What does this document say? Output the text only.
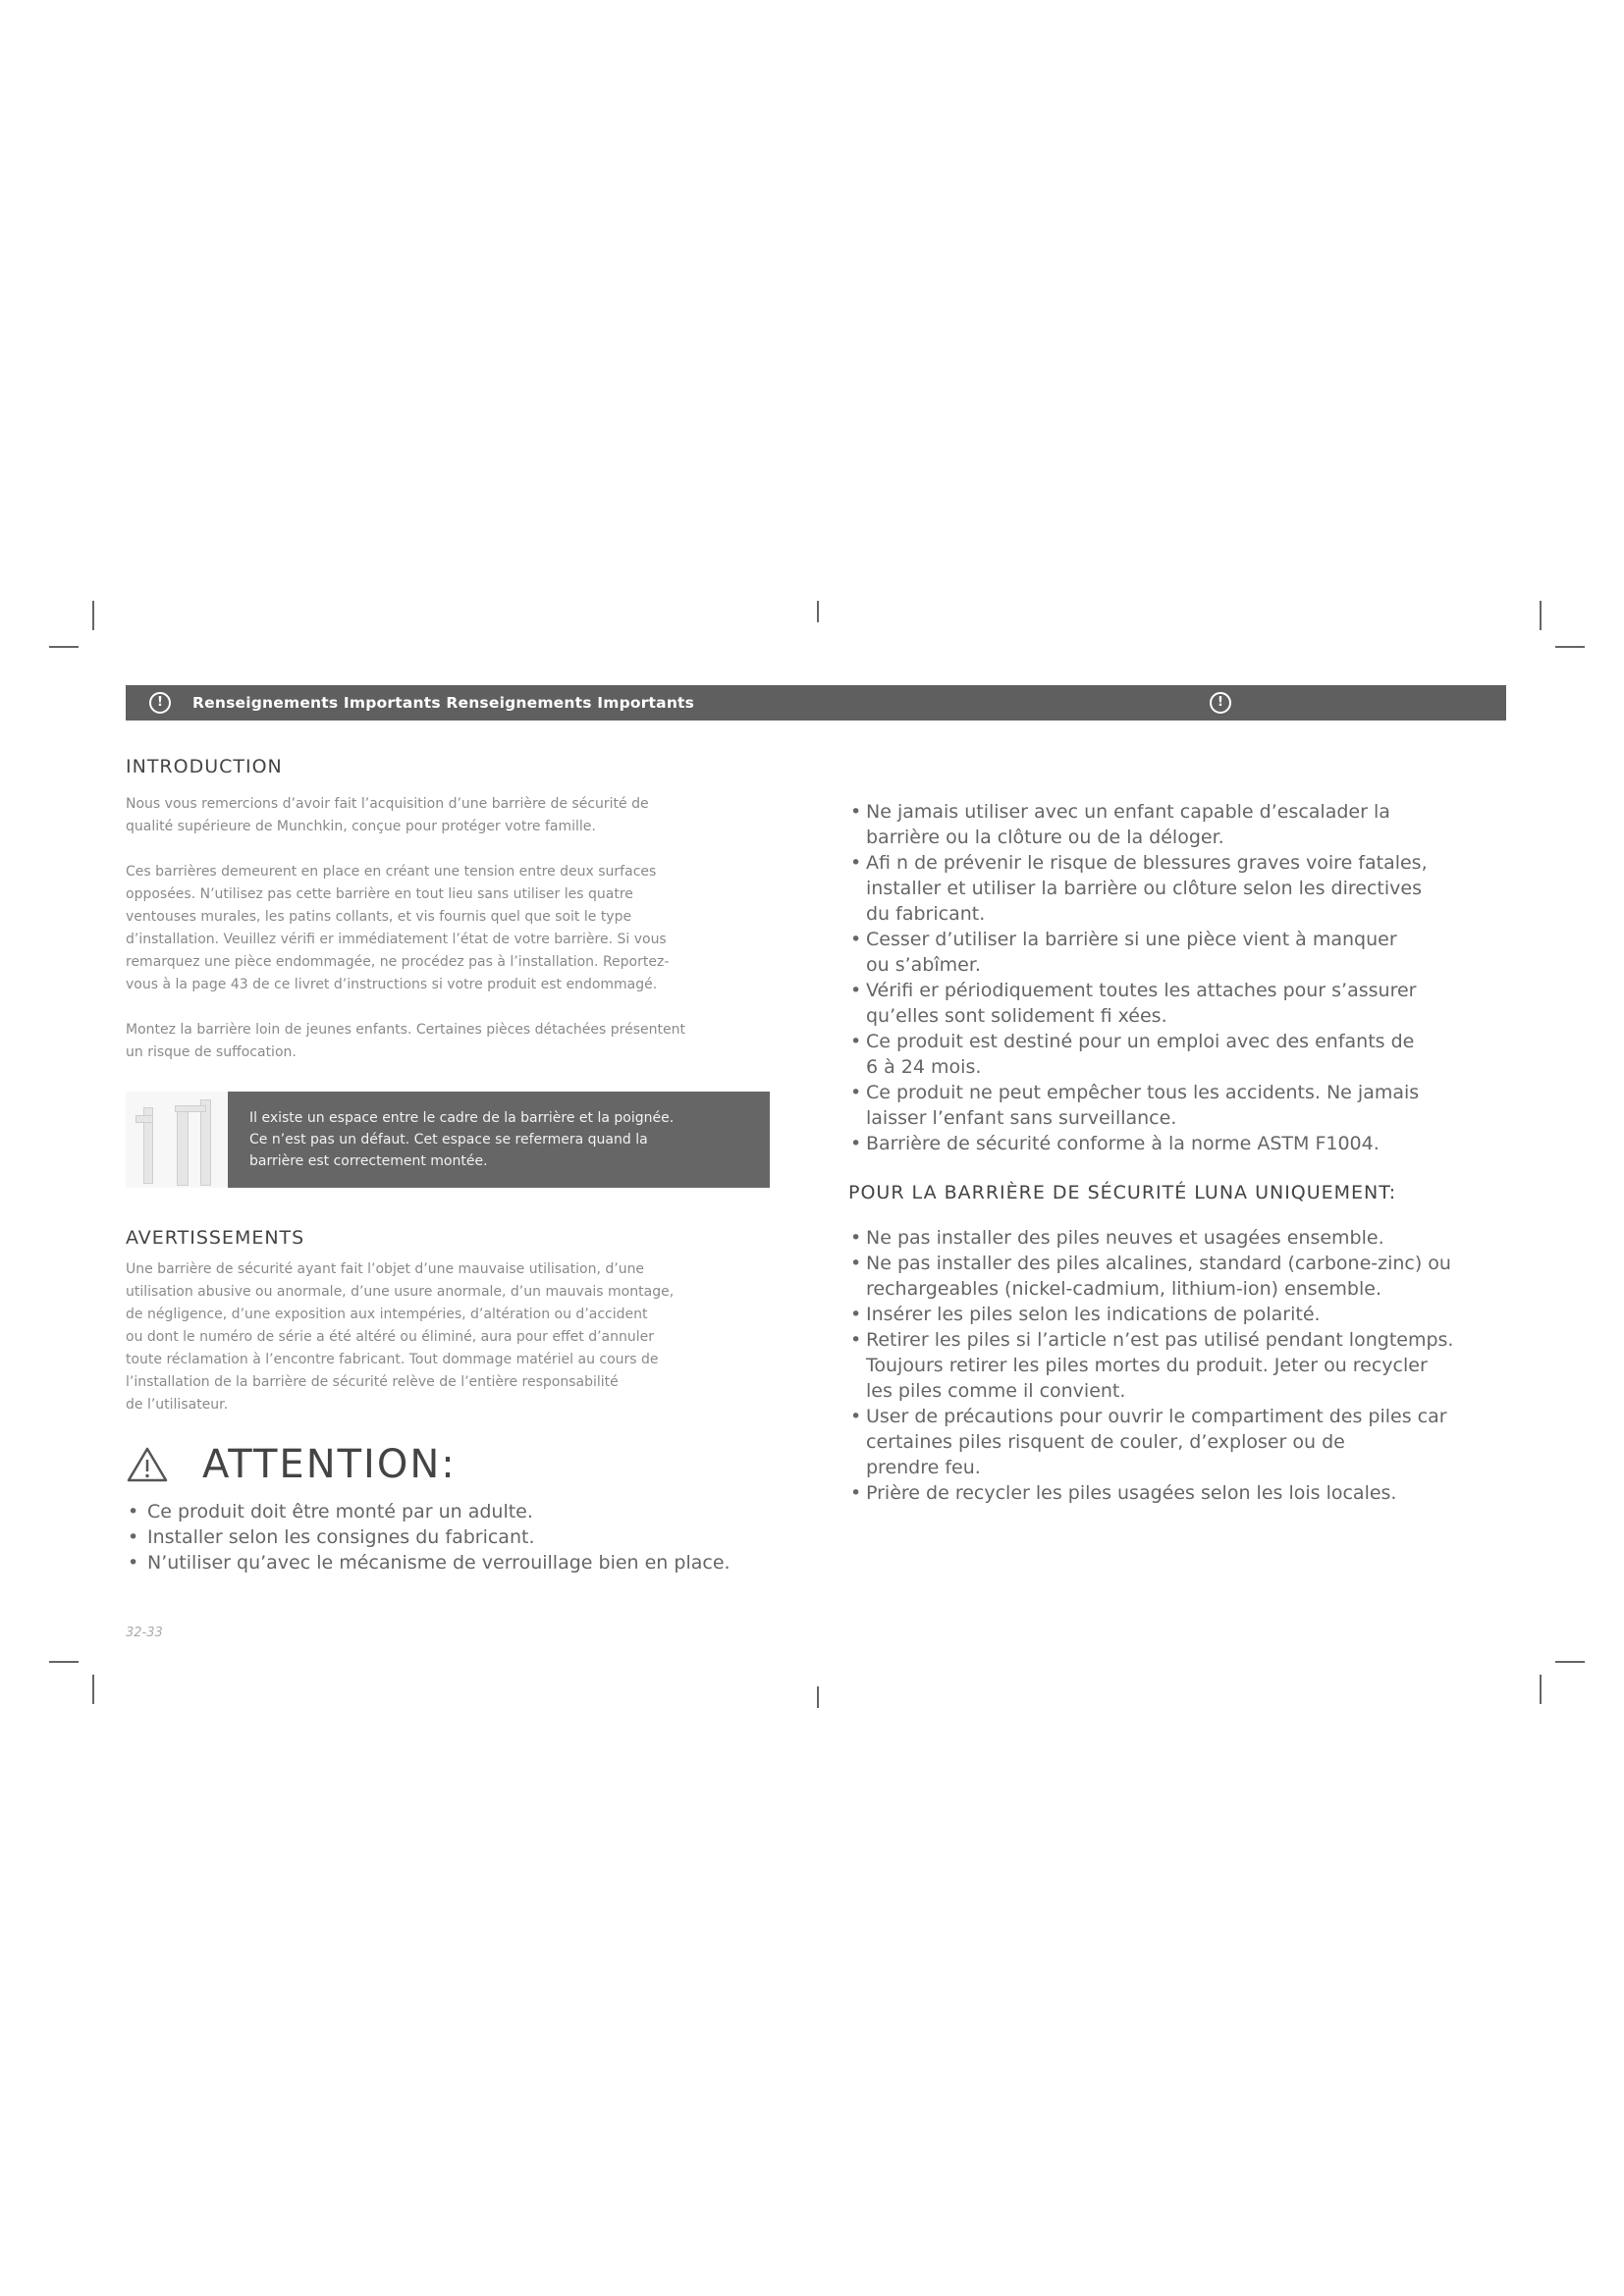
!	Renseignements Importants Renseignements Importants	!
INTRODUCTION

Nous vous remercions d’avoir fait l’acquisition d’une barrière de sécurité de
qualité supérieure de Munchkin, conçue pour protéger votre famille.

Ces barrières demeurent en place en créant une tension entre deux surfaces
opposées. N’utilisez pas cette barrière en tout lieu sans utiliser les quatre
ventouses murales, les patins collants, et vis fournis quel que soit le type
d’installation. Veuillez vérifi er immédiatement l’état de votre barrière. Si vous
remarquez une pièce endommagée, ne procédez pas à l’installation. Reportez-
vous à la page 43 de ce livret d’instructions si votre produit est endommagé.

Montez la barrière loin de jeunes enfants. Certaines pièces détachées présentent
un risque de suffocation.

Il existe un espace entre le cadre de la barrière et la poignée.
Ce n’est pas un défaut. Cet espace se refermera quand la
barrière est correctement montée.
AVERTISSEMENTS

Une barrière de sécurité ayant fait l’objet d’une mauvaise utilisation, d’une
utilisation abusive ou anormale, d’une usure anormale, d’un mauvais montage,
de négligence, d’une exposition aux intempéries, d’altération ou d’accident
ou dont le numéro de série a été altéré ou éliminé, aura pour effet d’annuler
toute réclamation à l’encontre fabricant. Tout dommage matériel au cours de
l’installation de la barrière de sécurité relève de l’entière responsabilité
de l’utilisateur.

ATTENTION:
• Ce produit doit être monté par un adulte.
• Installer selon les consignes du fabricant.
• N’utiliser qu’avec le mécanisme de verrouillage bien en place.
32-33
• Ne jamais utiliser avec un enfant capable d’escalader la
barrière ou la clôture ou de la déloger.
• Afi n de prévenir le risque de blessures graves voire fatales,
installer et utiliser la barrière ou clôture selon les directives
du fabricant.
• Cesser d’utiliser la barrière si une pièce vient à manquer
ou s’abîmer.
• Vérifi er périodiquement toutes les attaches pour s’assurer
qu’elles sont solidement fi xées.
• Ce produit est destiné pour un emploi avec des enfants de
6 à 24 mois.
• Ce produit ne peut empêcher tous les accidents. Ne jamais
laisser l’enfant sans surveillance.
• Barrière de sécurité conforme à la norme ASTM F1004.
POUR LA BARRIÈRE DE SÉCURITÉ LUNA UNIQUEMENT:
• Ne pas installer des piles neuves et usagées ensemble.
• Ne pas installer des piles alcalines, standard (carbone-zinc) ou
rechargeables (nickel-cadmium, lithium-ion) ensemble.
• Insérer les piles selon les indications de polarité.
• Retirer les piles si l’article n’est pas utilisé pendant longtemps.
Toujours retirer les piles mortes du produit. Jeter ou recycler
les piles comme il convient.
• User de précautions pour ouvrir le compartiment des piles car
certaines piles risquent de couler, d’exploser ou de
prendre feu.
• Prière de recycler les piles usagées selon les lois locales.
